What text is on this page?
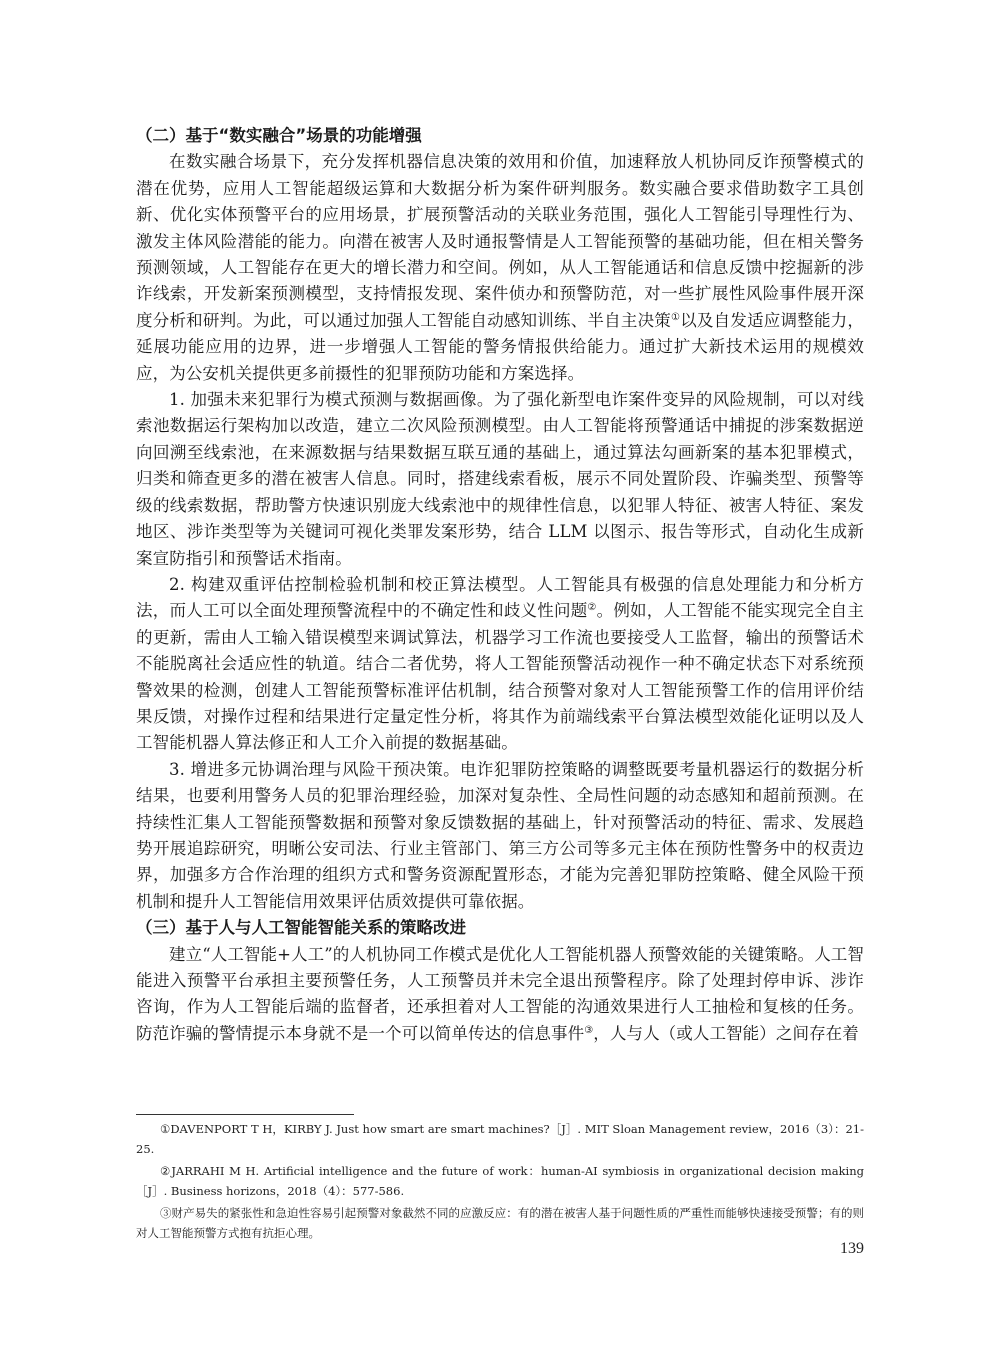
（二）基于“数实融合”场景的功能增强

在数实融合场景下，充分发挥机器信息决策的效用和价值，加速释放人机协同反诈预警模式的潜在优势，应用人工智能超级运算和大数据分析为案件研判服务。数实融合要求借助数字工具创新、优化实体预警平台的应用场景，扩展预警活动的关联业务范围，强化人工智能引导理性行为、激发主体风险潜能的能力。向潜在被害人及时通报警情是人工智能预警的基础功能，但在相关警务预测领域，人工智能存在更大的增长潜力和空间。例如，从人工智能通话和信息反馈中挖掘新的涉诈线索，开发新案预测模型，支持情报发现、案件侦办和预警防范，对一些扩展性风险事件展开深度分析和研判。为此，可以通过加强人工智能自动感知训练、半自主决策①以及自发适应调整能力，延展功能应用的边界，进一步增强人工智能的警务情报供给能力。通过扩大新技术运用的规模效应，为公安机关提供更多前摄性的犯罪预防功能和方案选择。

1. 加强未来犯罪行为模式预测与数据画像。为了强化新型电诈案件变异的风险规制，可以对线索池数据运行架构加以改造，建立二次风险预测模型。由人工智能将预警通话中捕捉的涉案数据逆向回溯至线索池，在来源数据与结果数据互联互通的基础上，通过算法勾画新案的基本犯罪模式，归类和筛查更多的潜在被害人信息。同时，搭建线索看板，展示不同处置阶段、诈骗类型、预警等级的线索数据，帮助警方快速识别庞大线索池中的规律性信息，以犯罪人特征、被害人特征、案发地区、涉诈类型等为关键词可视化类罪发案形势，结合 LLM 以图示、报告等形式，自动化生成新案宣防指引和预警话术指南。

2. 构建双重评估控制检验机制和校正算法模型。人工智能具有极强的信息处理能力和分析方法，而人工可以全面处理预警流程中的不确定性和歧义性问题②。例如，人工智能不能实现完全自主的更新，需由人工输入错误模型来调试算法，机器学习工作流也要接受人工监督，输出的预警话术不能脱离社会适应性的轨道。结合二者优势，将人工智能预警活动视作一种不确定状态下对系统预警效果的检测，创建人工智能预警标准评估机制，结合预警对象对人工智能预警工作的信用评价结果反馈，对操作过程和结果进行定量定性分析，将其作为前端线索平台算法模型效能化证明以及人工智能机器人算法修正和人工介入前提的数据基础。

3. 增进多元协调治理与风险干预决策。电诈犯罪防控策略的调整既要考量机器运行的数据分析结果，也要利用警务人员的犯罪治理经验，加深对复杂性、全局性问题的动态感知和超前预测。在持续性汇集人工智能预警数据和预警对象反馈数据的基础上，针对预警活动的特征、需求、发展趋势开展追踪研究，明晰公安司法、行业主管部门、第三方公司等多元主体在预防性警务中的权责边界，加强多方合作治理的组织方式和警务资源配置形态，才能为完善犯罪防控策略、健全风险干预机制和提升人工智能信用效果评估质效提供可靠依据。

（三）基于人与人工智能智能关系的策略改进

建立“人工智能+人工”的人机协同工作模式是优化人工智能机器人预警效能的关键策略。人工智能进入预警平台承担主要预警任务，人工预警员并未完全退出预警程序。除了处理封停申诉、涉诈咨询，作为人工智能后端的监督者，还承担着对人工智能的沟通效果进行人工抽检和复核的任务。防范诈骗的警情提示本身就不是一个可以简单传达的信息事件③，人与人（或人工智能）之间存在着

①DAVENPORT T H，KIRBY J. Just how smart are smart machines?［J］. MIT Sloan Management review，2016（3）：21-25.

②JARRAHI M H. Artificial intelligence and the future of work：human-AI symbiosis in organizational decision making［J］. Business horizons，2018（4）：577-586.

③财产易失的紧张性和急迫性容易引起预警对象截然不同的应激反应：有的潜在被害人基于问题性质的严重性而能够快速接受预警；有的则对人工智能预警方式抱有抗拒心理。

139
